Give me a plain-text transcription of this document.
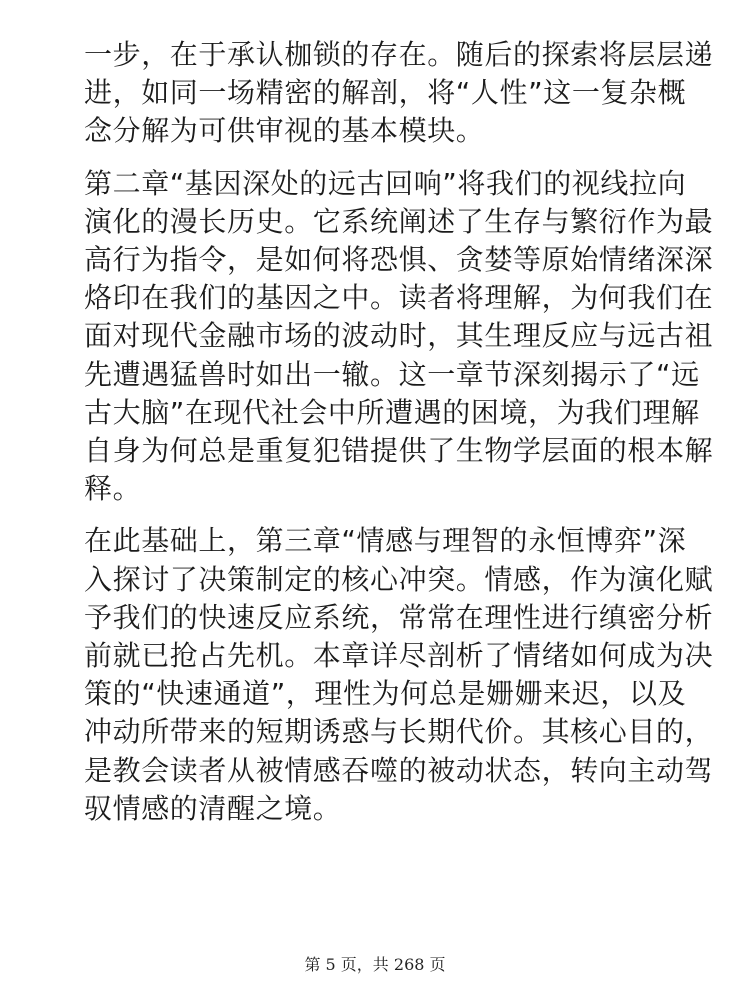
一步，在于承认枷锁的存在。随后的探索将层层递
进，如同一场精密的解剖，将“人性”这一复杂概
念分解为可供审视的基本模块。
第二章“基因深处的远古回响”将我们的视线拉向
演化的漫长历史。它系统阐述了生存与繁衍作为最
高行为指令，是如何将恐惧、贪婪等原始情绪深深
烙印在我们的基因之中。读者将理解，为何我们在
面对现代金融市场的波动时，其生理反应与远古祖
先遭遇猛兽时如出一辙。这一章节深刻揭示了“远
古大脑”在现代社会中所遭遇的困境，为我们理解
自身为何总是重复犯错提供了生物学层面的根本解
释。
在此基础上，第三章“情感与理智的永恒博弈”深
入探讨了决策制定的核心冲突。情感，作为演化赋
予我们的快速反应系统，常常在理性进行缜密分析
前就已抢占先机。本章详尽剖析了情绪如何成为决
策的“快速通道”，理性为何总是姗姗来迟，以及
冲动所带来的短期诱惑与长期代价。其核心目的，
是教会读者从被情感吞噬的被动状态，转向主动驾
驭情感的清醒之境。
第 5 页，共 268 页
